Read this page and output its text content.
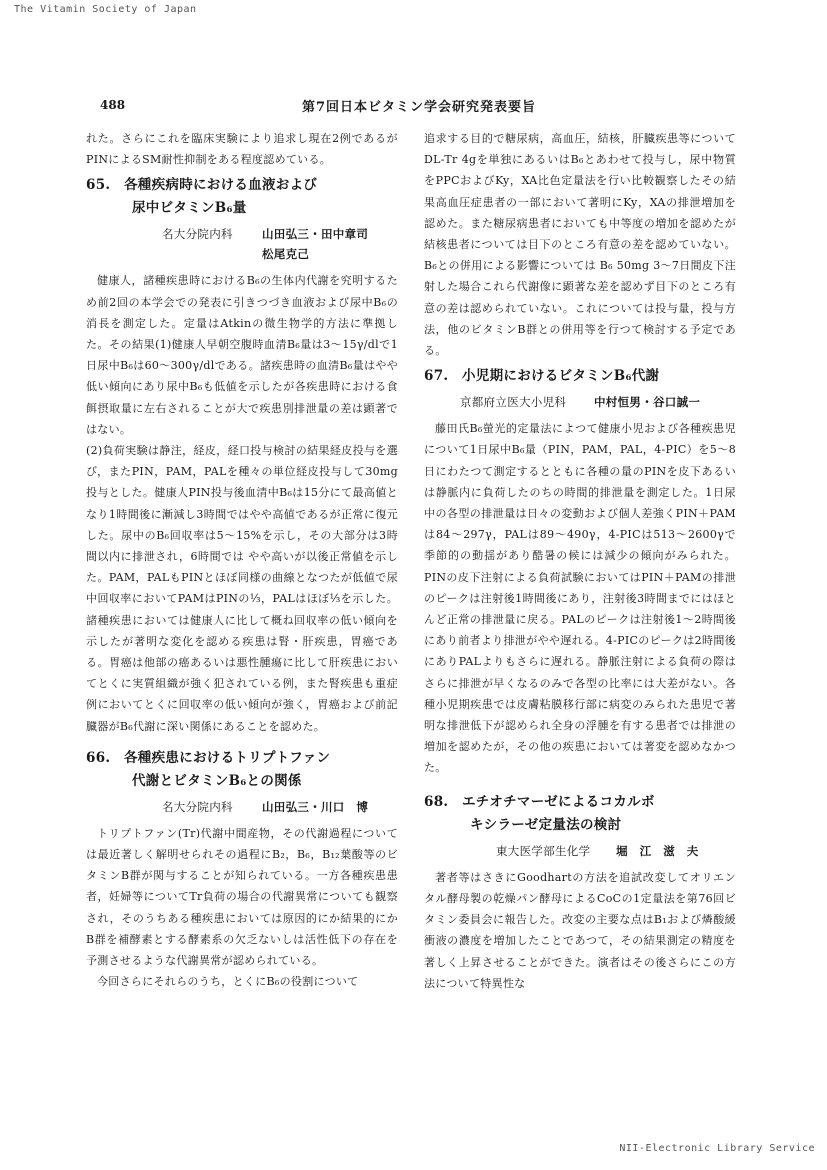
The Vitamin Society of Japan
NII-Electronic Library Service
488	第7回日本ビタミン学会研究発表要旨

れた。さらにこれを臨床実験により追求し現在2例であるがPINによるSM耐性抑制をある程度認めている。

65. 各種疾病時における血液および
尿中ビタミンB₆量
名大分院内科	山田弘三・田中章司
松尾克己

健康人，諸種疾患時におけるB₆の生体内代謝を究明するため前2回の本学会での発表に引きつづき血液および尿中B₆の消長を測定した。定量はAtkinの微生物学的方法に準拠した。その結果(1)健康人早朝空腹時血清B₆量は3～15γ/dlで1日尿中B₆は60～300γ/dlである。諸疾患時の血清B₆量はやや低い傾向にあり尿中B₆も低値を示したが各疾患時における食餌摂取量に左右されることが大で疾患別排泄量の差は顕著ではない。

(2)負荷実験は静注，経皮，経口投与検討の結果経皮投与を選び，またPIN，PAM，PALを種々の単位経皮投与して30mg投与とした。健康人PIN投与後血清中B₆は15分にて最高値となり1時間後に漸減し3時間ではやや高値であるが正常に復元した。尿中のB₆回収率は5～15%を示し，その大部分は3時間以内に排泄され，6時間では やや高いが以後正常値を示した。PAM，PALもPINとほぼ同様の曲線となつたが低値で尿中回収率においてPAMはPINの⅓，PALはほぼ⅓を示した。諸種疾患においては健康人に比して概ね回収率の低い傾向を示したが著明な変化を認める疾患は腎・肝疾患，胃癌である。胃癌は他部の癌あるいは悪性腫瘍に比して肝疾患においてとくに実質組織が強く犯されている例，また腎疾患も重症例においてとくに回収率の低い傾向が強く，胃癌および前記臓器がB₆代謝に深い関係にあることを認めた。

66. 各種疾患におけるトリプトファン
代謝とビタミンB₆との関係
名大分院内科	山田弘三・川口　博

トリプトファン(Tr)代謝中間産物，その代謝過程については最近著しく解明せられその過程にB₂，B₆，B₁₂葉酸等のビタミンB群が関与することが知られている。一方各種疾患患者，妊婦等についてTr負荷の場合の代謝異常についても観察され，そのうちある種疾患においては原因的にか結果的にかB群を補酵素とする酵素系の欠乏ないしは活性低下の存在を予測させるような代謝異常が認められている。

今回さらにそれらのうち，とくにB₆の役割について

追求する目的で糖尿病，高血圧，結核，肝臓疾患等についてDL-Tr 4gを単独にあるいはB₆とあわせて投与し，尿中物質をPPCおよびKy，XA比色定量法を行い比較観察したその結果高血圧症患者の一部において著明にKy，XAの排泄増加を認めた。また糖尿病患者においても中等度の増加を認めたが結核患者については目下のところ有意の差を認めていない。B₆との併用による影響については B₆ 50mg 3～7日間皮下注射した場合これら代謝像に顕著な差を認めず目下のところ有意の差は認められていない。これについては投与量，投与方法，他のビタミンB群との併用等を行つて検討する予定である。

67. 小児期におけるビタミンB₆代謝
京都府立医大小児科 中村恒男・谷口誠一

藤田氏B₆螢光的定量法によつて健康小児および各種疾患児について1日尿中B₆量（PIN，PAM，PAL，4-PIC）を5～8日にわたつて測定するとともに各種の量のPINを皮下あるいは静脈内に負荷したのちの時間的排泄量を測定した。1日尿中の各型の排泄量は日々の変動および個人差強くPIN＋PAMは84～297γ，PALは89～490γ，4-PICは513～2600γで季節的の動揺があり酷暑の候には減少の傾向がみられた。PINの皮下注射による負荷試験においてはPIN＋PAMの排泄のピークは注射後1時間後にあり，注射後3時間までにはほとんど正常の排泄量に戻る。PALのピークは注射後1～2時間後にあり前者より排泄がやや遅れる。4-PICのピークは2時間後にありPALよりもさらに遅れる。静脈注射による負荷の際はさらに排泄が早くなるのみで各型の比率には大差がない。各種小児期疾患では皮膚粘膜移行部に病変のみられた患児で著明な排泄低下が認められ全身の浮腫を有する患者では排泄の増加を認めたが，その他の疾患においては著変を認めなかつた。

68. エチオチマーゼによるコカルボ
キシラーゼ定量法の検討
東大医学部生化学 堀　江　滋　夫

著者等はさきにGoodhartの方法を追試改変してオリエンタル酵母製の乾燥パン酵母によるCoCの1定量法を第76回ビタミン委員会に報告した。改変の主要な点はB₁および燐酸緩衝液の濃度を増加したことであつて，その結果測定の精度を著しく上昇させることができた。演者はその後さらにこの方法について特異性な
